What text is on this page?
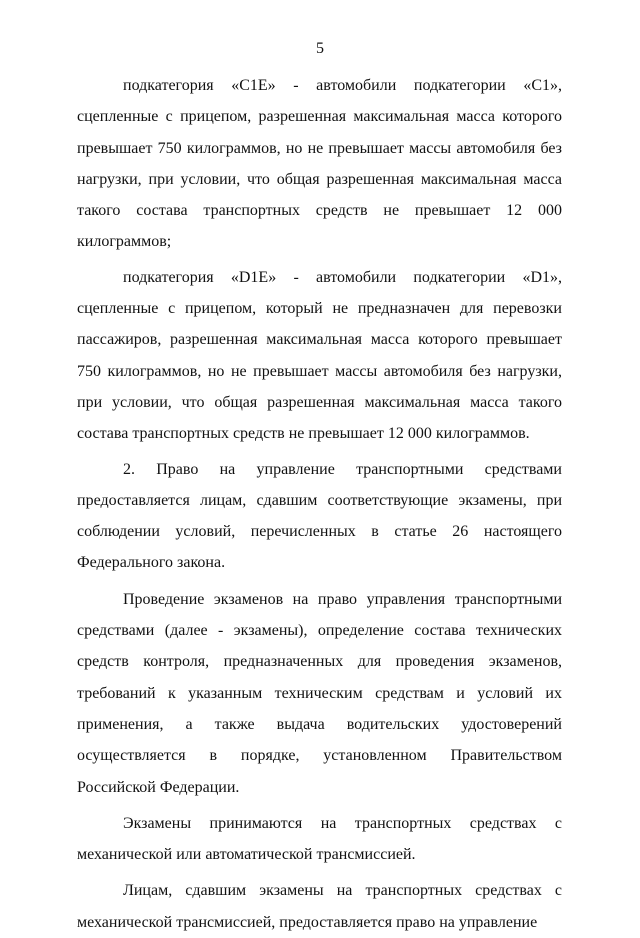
5

подкатегория «C1E» - автомобили подкатегории «C1», сцепленные с прицепом, разрешенная максимальная масса которого превышает 750 килограммов, но не превышает массы автомобиля без нагрузки, при условии, что общая разрешенная максимальная масса такого состава транспортных средств не превышает 12 000 килограммов;

подкатегория «D1E» - автомобили подкатегории «D1», сцепленные с прицепом, который не предназначен для перевозки пассажиров, разрешенная максимальная масса которого превышает 750 килограммов, но не превышает массы автомобиля без нагрузки, при условии, что общая разрешенная максимальная масса такого состава транспортных средств не превышает 12 000 килограммов.

2. Право на управление транспортными средствами предоставляется лицам, сдавшим соответствующие экзамены, при соблюдении условий, перечисленных в статье 26 настоящего Федерального закона.

Проведение экзаменов на право управления транспортными средствами (далее - экзамены), определение состава технических средств контроля, предназначенных для проведения экзаменов, требований к указанным техническим средствам и условий их применения, а также выдача водительских удостоверений осуществляется в порядке, установленном Правительством Российской Федерации.

Экзамены принимаются на транспортных средствах с механической или автоматической трансмиссией.

Лицам, сдавшим экзамены на транспортных средствах с механической трансмиссией, предоставляется право на управление
